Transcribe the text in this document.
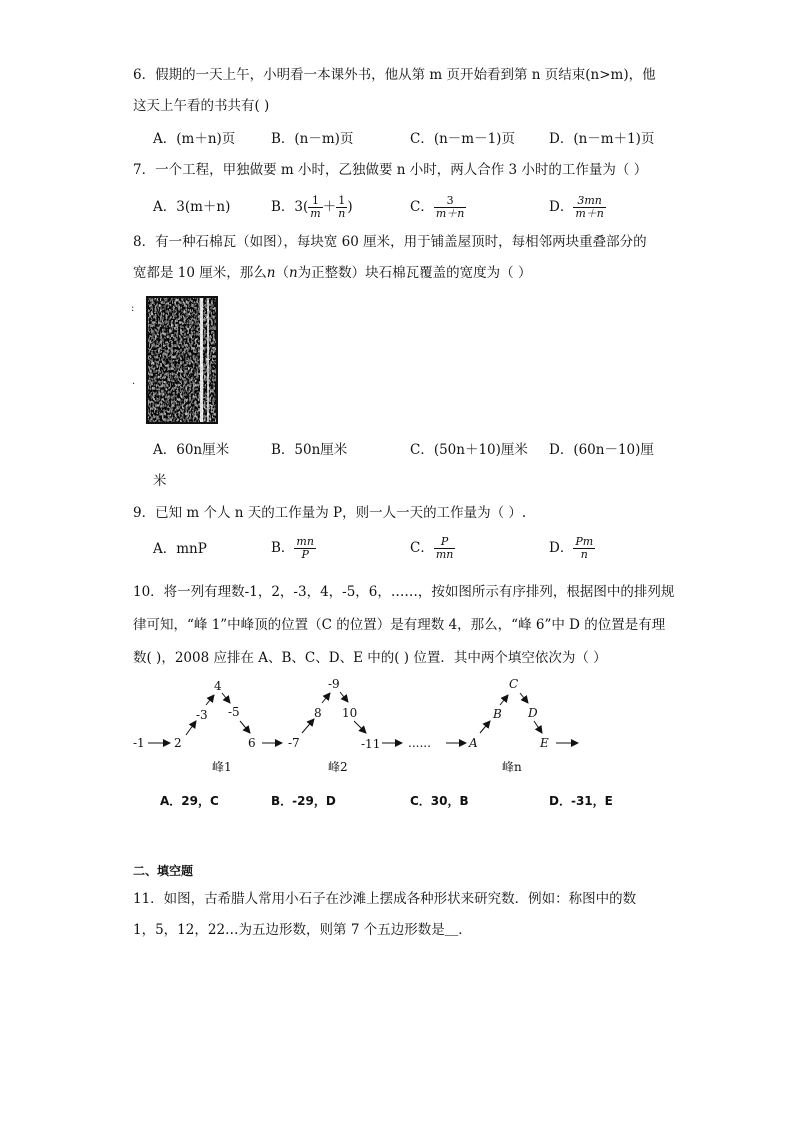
6．假期的一天上午，小明看一本课外书，他从第 m 页开始看到第 n 页结束(n>m)，他
这天上午看的书共有( )
A．(m＋n)页	B．(n－m)页	C．(n－m－1)页	D．(n－m＋1)页
7．一个工程，甲独做要 m 小时，乙独做要 n 小时，两人合作 3 小时的工作量为（ ）
A．3(m＋n)	B．$3( \frac{1}{m} + \frac{1}{n}$ )	C． $\frac{3}{m+n}$	D． $\frac{3mn}{m+n}$
8．有一种石棉瓦（如图），每块宽 60 厘米，用于铺盖屋顶时，每相邻两块重叠部分的
宽都是 10 厘米，那么n（n为正整数）块石棉瓦覆盖的宽度为（ ）
:
.
A．60n厘米	B．50n厘米	C．(50n＋10)厘米 D．(60n－10)厘
米
9．已知 m 个人 n 天的工作量为 P，则一人一天的工作量为（ ）.
A．mnP	B． $\frac{mn}{P}$	C． $\frac{P}{mn}$	D． $\frac{Pm}{n}$
10．将一列有理数-1，2，-3，4，-5，6，……，按如图所示有序排列，根据图中的排列规
律可知，“峰 1”中峰顶的位置（C 的位置）是有理数 4，那么，“峰 6”中 D 的位置是有理
数( )，2008 应排在 A、B、C、D、E 中的( ) 位置．其中两个填空依次为（ ）
-1 2
-3
4
-5
6
峰1
-7
8
-9
10
-11
峰2
......	A
B
C
D
E
峰n
A．29，C	B．-29，D	C．30，B	D．-31，E
二、填空题
11．如图，古希腊人常用小石子在沙滩上摆成各种形状来研究数．例如：称图中的数
1，5，12，22…为五边形数，则第 7 个五边形数是＿．
